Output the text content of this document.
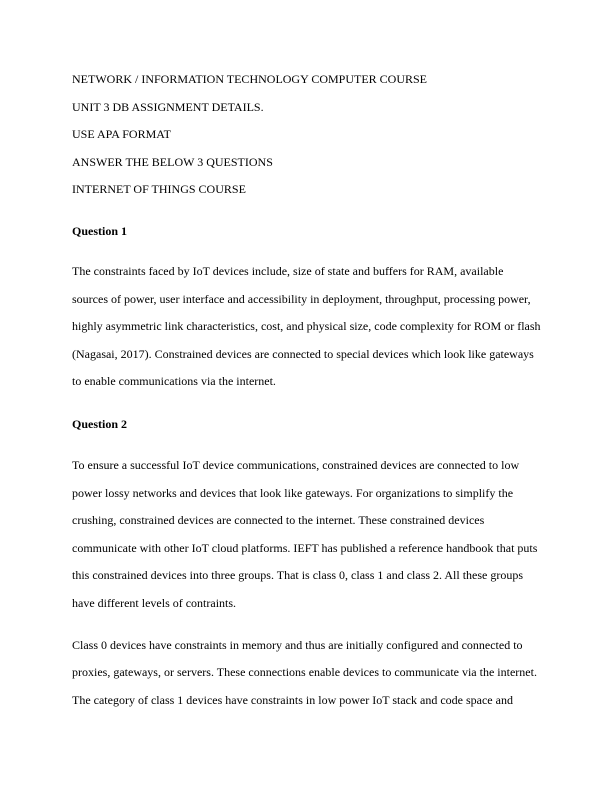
NETWORK / INFORMATION TECHNOLOGY COMPUTER COURSE
UNIT 3 DB ASSIGNMENT DETAILS.
USE APA FORMAT
ANSWER THE BELOW 3 QUESTIONS
INTERNET OF THINGS COURSE
Question 1
The constraints faced by IoT devices include, size of state and buffers for RAM, available
sources of power, user interface and accessibility in deployment, throughput, processing power,
highly asymmetric link characteristics, cost, and physical size, code complexity for ROM or flash
(Nagasai, 2017). Constrained devices are connected to special devices which look like gateways
to enable communications via the internet.
Question 2
To ensure a successful IoT device communications, constrained devices are connected to low
power lossy networks and devices that look like gateways. For organizations to simplify the
crushing, constrained devices are connected to the internet. These constrained devices
communicate with other IoT cloud platforms. IEFT has published a reference handbook that puts
this constrained devices into three groups. That is class 0, class 1 and class 2. All these groups
have different levels of contraints.
Class 0 devices have constraints in memory and thus are initially configured and connected to
proxies, gateways, or servers. These connections enable devices to communicate via the internet.
The category of class 1 devices have constraints in low power IoT stack and code space and
